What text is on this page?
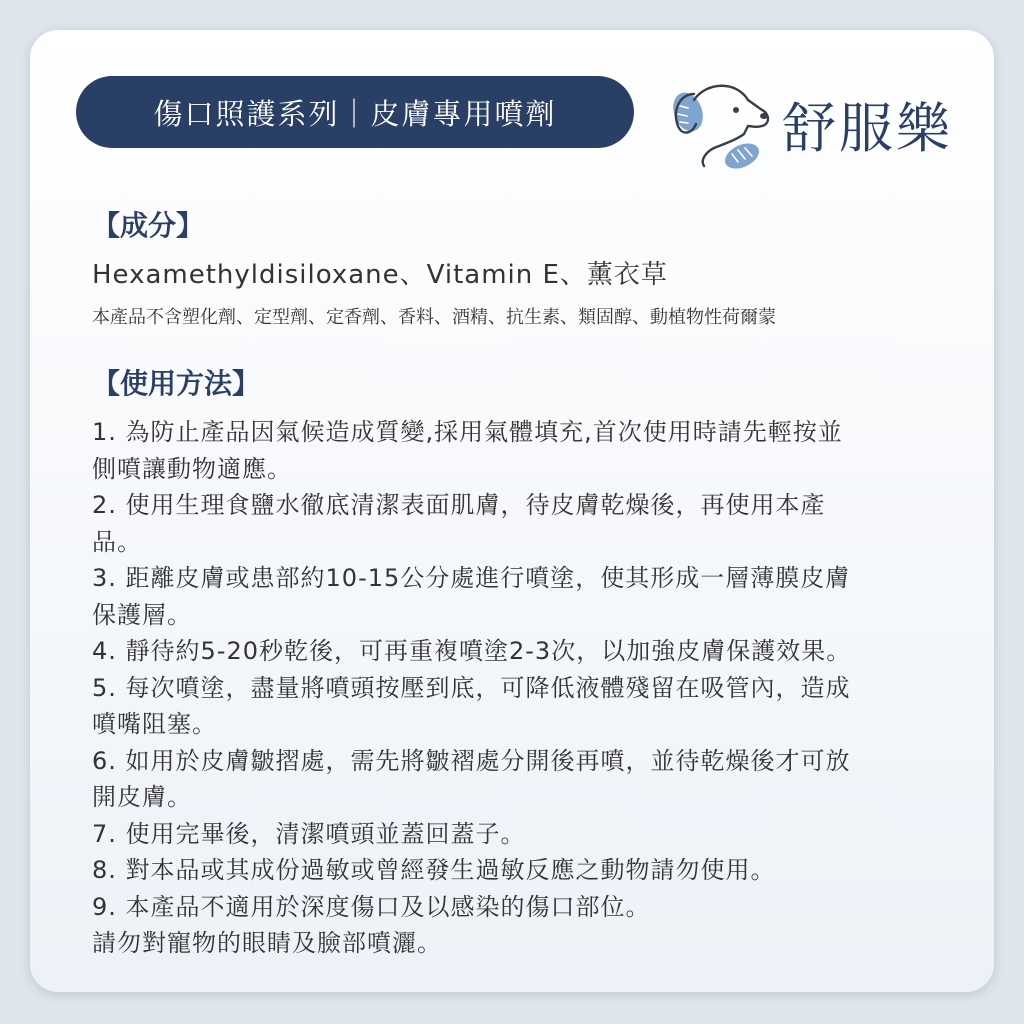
傷口照護系列｜皮膚專用噴劑	舒服樂
【成分】
Hexamethyldisiloxane、Vitamin E、薰衣草
本產品不含塑化劑、定型劑、定香劑、香料、酒精、抗生素、類固醇、動植物性荷爾蒙
【使用方法】
1. 為防止產品因氣候造成質變,採用氣體填充,首次使用時請先輕按並
側噴讓動物適應。
2. 使用生理食鹽水徹底清潔表面肌膚，待皮膚乾燥後，再使用本產
品。
3. 距離皮膚或患部約10-15公分處進行噴塗，使其形成一層薄膜皮膚
保護層。
4. 靜待約5-20秒乾後，可再重複噴塗2-3次，以加強皮膚保護效果。
5. 每次噴塗，盡量將噴頭按壓到底，可降低液體殘留在吸管內，造成
噴嘴阻塞。
6. 如用於皮膚皺摺處，需先將皺褶處分開後再噴，並待乾燥後才可放
開皮膚。
7. 使用完畢後，清潔噴頭並蓋回蓋子。
8. 對本品或其成份過敏或曾經發生過敏反應之動物請勿使用。
9. 本產品不適用於深度傷口及以感染的傷口部位。
請勿對寵物的眼睛及臉部噴灑。
